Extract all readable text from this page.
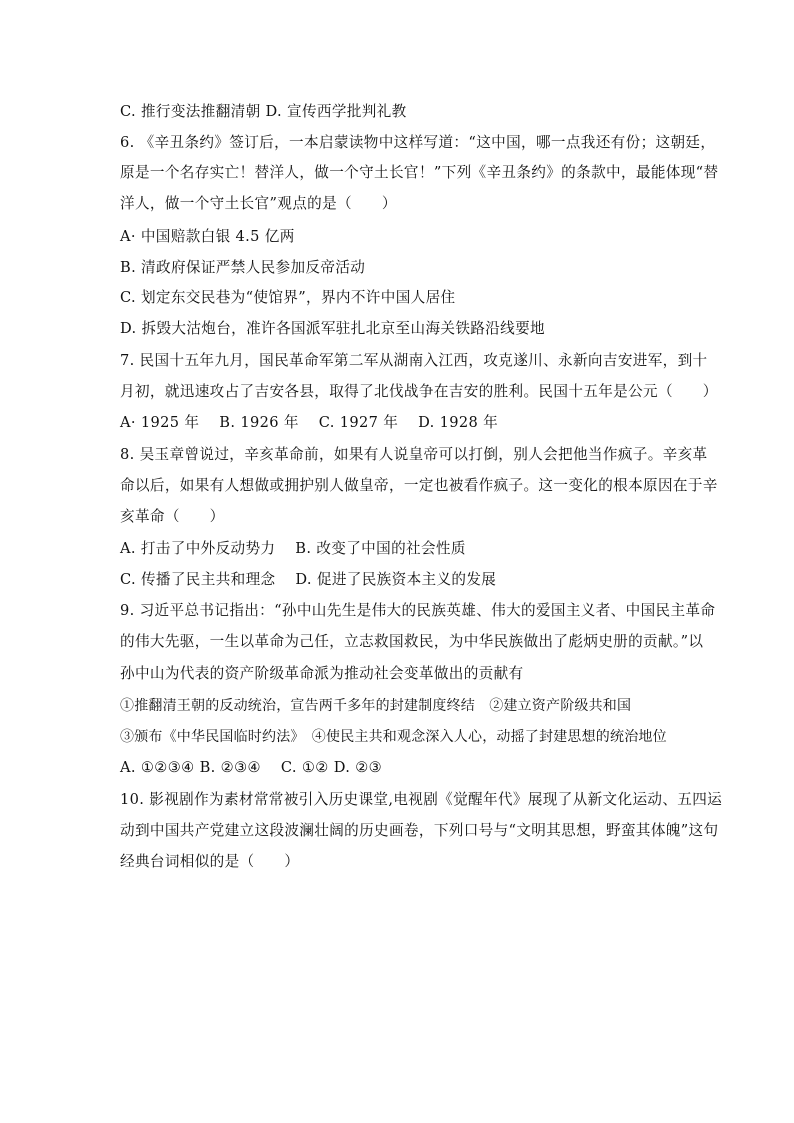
C. 推行变法推翻清朝 D. 宣传西学批判礼教
6. 《辛丑条约》签订后，一本启蒙读物中这样写道：“这中国，哪一点我还有份；这朝廷，
原是一个名存实亡！替洋人，做一个守土长官！”下列《辛丑条约》的条款中，最能体现“替
洋人，做一个守土长官”观点的是（　　）
A· 中国赔款白银 4.5 亿两
B. 清政府保证严禁人民参加反帝活动
C. 划定东交民巷为“使馆界”，界内不许中国人居住
D. 拆毁大沽炮台，准许各国派军驻扎北京至山海关铁路沿线要地
7. 民国十五年九月，国民革命军第二军从湖南入江西，攻克遂川、永新向吉安进军，到十
月初，就迅速攻占了吉安各县，取得了北伐战争在吉安的胜利。民国十五年是公元（　　）
A· 1925 年　 B. 1926 年　 C. 1927 年　 D. 1928 年
8. 吴玉章曾说过，辛亥革命前，如果有人说皇帝可以打倒，别人会把他当作疯子。辛亥革
命以后，如果有人想做或拥护别人做皇帝，一定也被看作疯子。这一变化的根本原因在于辛
亥革命（　　）
A. 打击了中外反动势力　 B. 改变了中国的社会性质
C. 传播了民主共和理念　 D. 促进了民族资本主义的发展
9. 习近平总书记指出：“孙中山先生是伟大的民族英雄、伟大的爱国主义者、中国民主革命
的伟大先驱，一生以革命为己任，立志救国救民，为中华民族做出了彪炳史册的贡献。”以
孙中山为代表的资产阶级革命派为推动社会变革做出的贡献有
①推翻清王朝的反动统治，宣告两千多年的封建制度终结　②建立资产阶级共和国
③颁布《中华民国临时约法》　④使民主共和观念深入人心，动摇了封建思想的统治地位
A. ①②③④ B. ②③④　 C. ①② D. ②③
10. 影视剧作为素材常常被引入历史课堂,电视剧《觉醒年代》展现了从新文化运动、五四运
动到中国共产党建立这段波澜壮阔的历史画卷，下列口号与“文明其思想，野蛮其体魄”这句
经典台词相似的是（　　）
